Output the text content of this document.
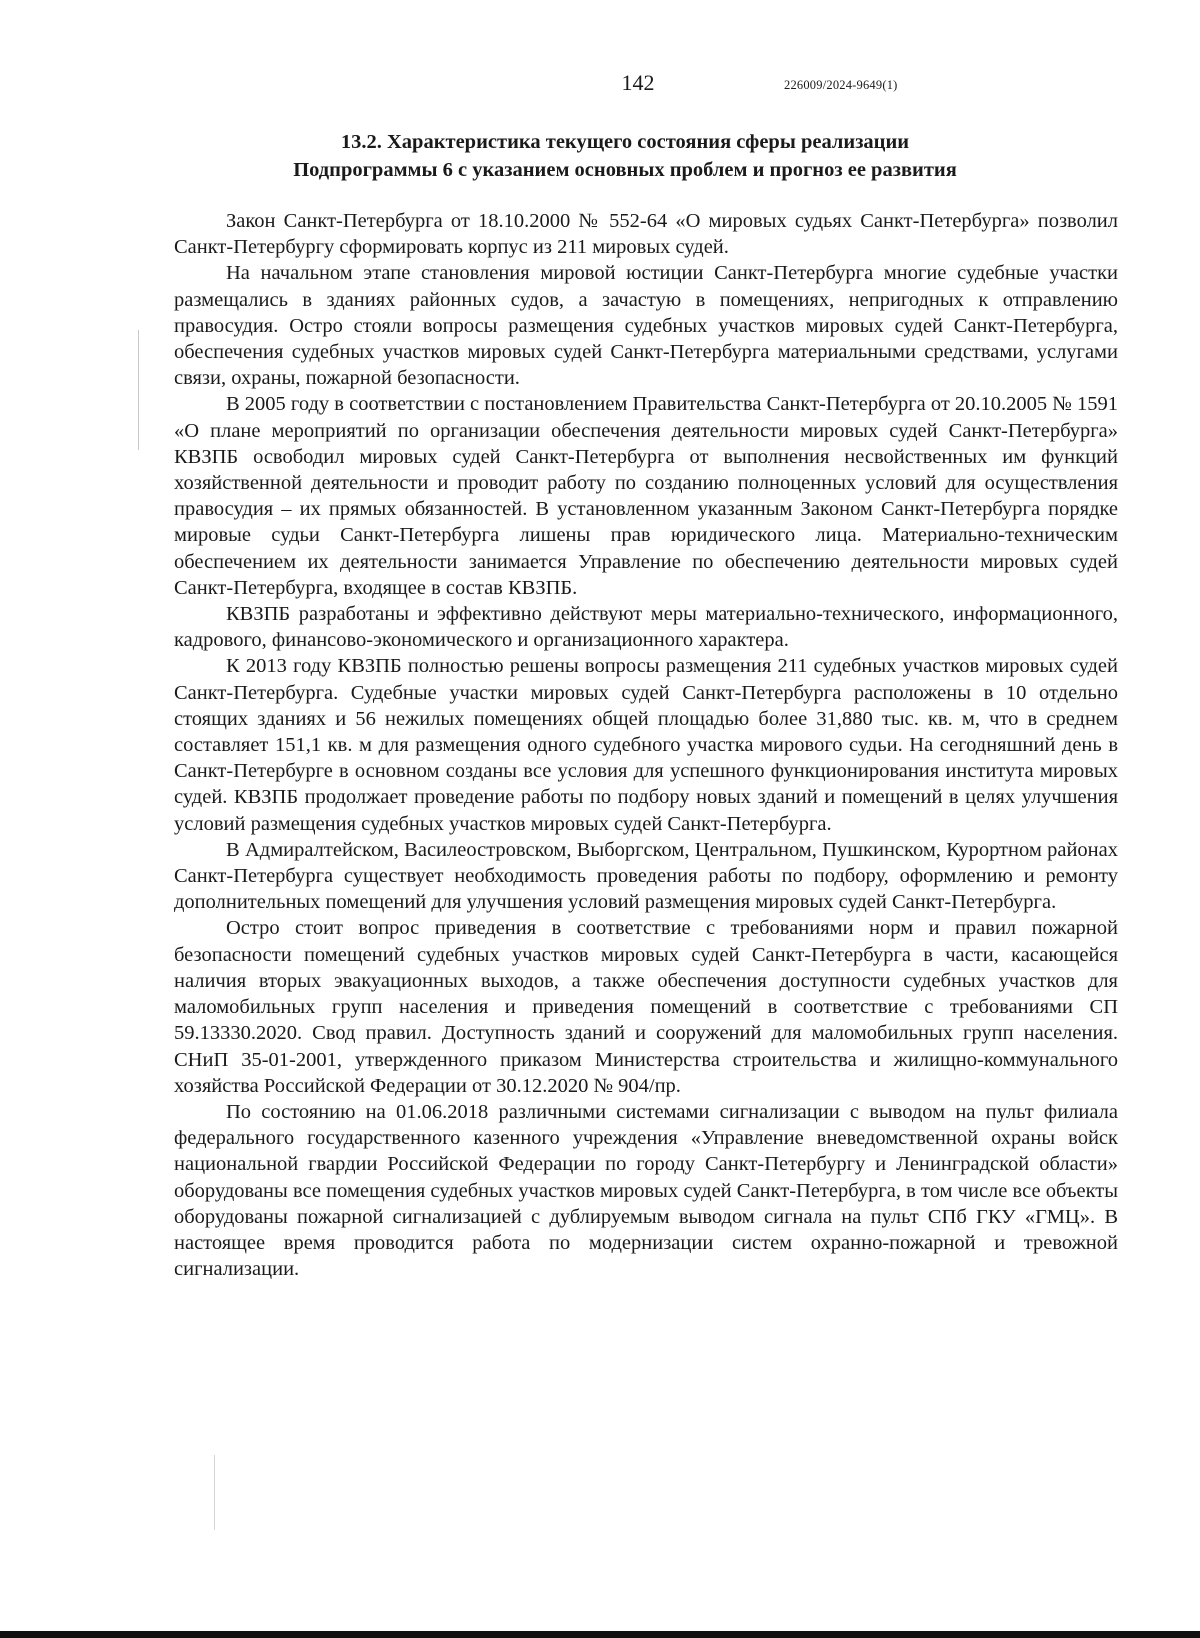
142	226009/2024-9649(1)
13.2. Характеристика текущего состояния сферы реализации
Подпрограммы 6 с указанием основных проблем и прогноз ее развития

Закон Санкт-Петербурга от 18.10.2000 № 552-64 «О мировых судьях Санкт-Петербурга» позволил Санкт-Петербургу сформировать корпус из 211 мировых судей.

На начальном этапе становления мировой юстиции Санкт-Петербурга многие судебные участки размещались в зданиях районных судов, а зачастую в помещениях, непригодных к отправлению правосудия. Остро стояли вопросы размещения судебных участков мировых судей Санкт-Петербурга, обеспечения судебных участков мировых судей Санкт-Петербурга материальными средствами, услугами связи, охраны, пожарной безопасности.

В 2005 году в соответствии с постановлением Правительства Санкт-Петербурга от 20.10.2005 № 1591 «О плане мероприятий по организации обеспечения деятельности мировых судей Санкт-Петербурга» КВЗПБ освободил мировых судей Санкт-Петербурга от выполнения несвойственных им функций хозяйственной деятельности и проводит работу по созданию полноценных условий для осуществления правосудия – их прямых обязанностей. В установленном указанным Законом Санкт-Петербурга порядке мировые судьи Санкт-Петербурга лишены прав юридического лица. Материально-техническим обеспечением их деятельности занимается Управление по обеспечению деятельности мировых судей Санкт-Петербурга, входящее в состав КВЗПБ.

КВЗПБ разработаны и эффективно действуют меры материально-технического, информационного, кадрового, финансово-экономического и организационного характера.

К 2013 году КВЗПБ полностью решены вопросы размещения 211 судебных участков мировых судей Санкт-Петербурга. Судебные участки мировых судей Санкт-Петербурга расположены в 10 отдельно стоящих зданиях и 56 нежилых помещениях общей площадью более 31,880 тыс. кв. м, что в среднем составляет 151,1 кв. м для размещения одного судебного участка мирового судьи. На сегодняшний день в Санкт-Петербурге в основном созданы все условия для успешного функционирования института мировых судей. КВЗПБ продолжает проведение работы по подбору новых зданий и помещений в целях улучшения условий размещения судебных участков мировых судей Санкт-Петербурга.

В Адмиралтейском, Василеостровском, Выборгском, Центральном, Пушкинском, Курортном районах Санкт-Петербурга существует необходимость проведения работы по подбору, оформлению и ремонту дополнительных помещений для улучшения условий размещения мировых судей Санкт-Петербурга.

Остро стоит вопрос приведения в соответствие с требованиями норм и правил пожарной безопасности помещений судебных участков мировых судей Санкт-Петербурга в части, касающейся наличия вторых эвакуационных выходов, а также обеспечения доступности судебных участков для маломобильных групп населения и приведения помещений в соответствие с требованиями СП 59.13330.2020. Свод правил. Доступность зданий и сооружений для маломобильных групп населения. СНиП 35-01-2001, утвержденного приказом Министерства строительства и жилищно-коммунального хозяйства Российской Федерации от 30.12.2020 № 904/пр.

По состоянию на 01.06.2018 различными системами сигнализации с выводом на пульт филиала федерального государственного казенного учреждения «Управление вневедомственной охраны войск национальной гвардии Российской Федерации по городу Санкт-Петербургу и Ленинградской области» оборудованы все помещения судебных участков мировых судей Санкт-Петербурга, в том числе все объекты оборудованы пожарной сигнализацией с дублируемым выводом сигнала на пульт СПб ГКУ «ГМЦ». В настоящее время проводится работа по модернизации систем охранно-пожарной и тревожной сигнализации.
